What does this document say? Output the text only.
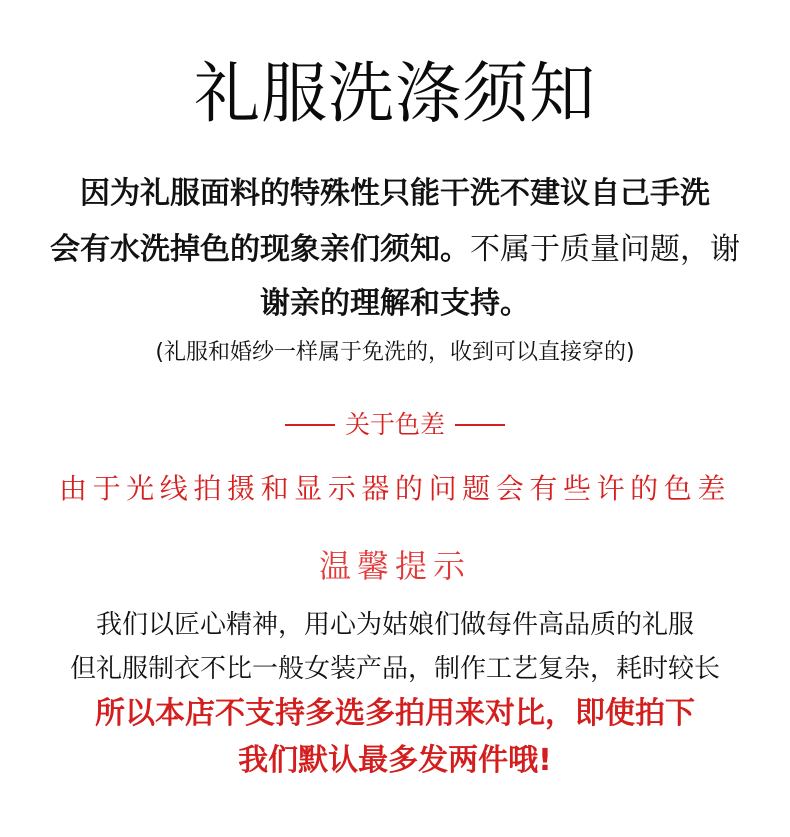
礼服洗涤须知
因为礼服面料的特殊性只能干洗不建议自己手洗
会有水洗掉色的现象亲们须知。不属于质量问题，谢
谢亲的理解和支持。
(礼服和婚纱一样属于免洗的，收到可以直接穿的)
关于色差
由于光线拍摄和显示器的问题会有些许的色差
温馨提示
我们以匠心精神，用心为姑娘们做每件高品质的礼服
但礼服制衣不比一般女装产品，制作工艺复杂，耗时较长
所以本店不支持多选多拍用来对比，即使拍下
我们默认最多发两件哦!
